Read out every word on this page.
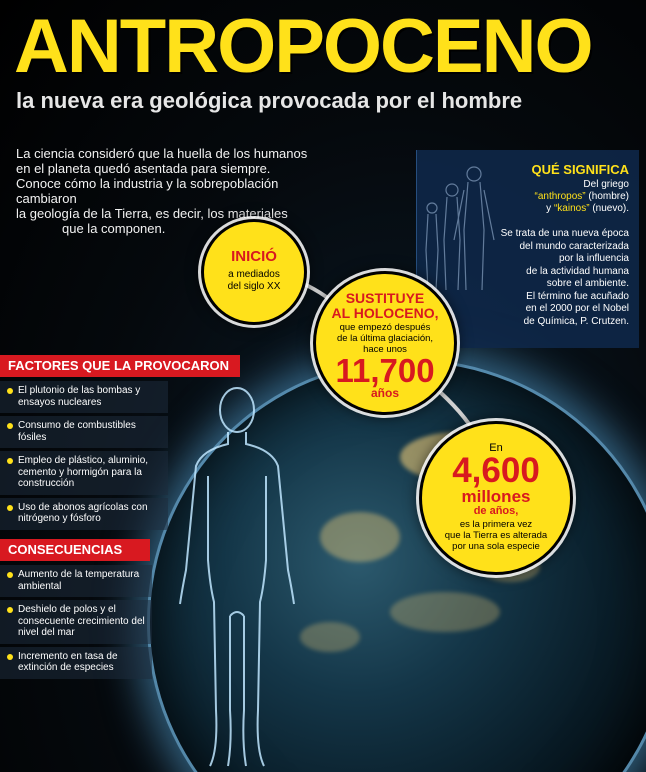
ANTROPOCENO
la nueva era geológica provocada por el hombre
La ciencia consideró que la huella de los humanos
en el planeta quedó asentada para siempre.
Conoce cómo la industria y la sobrepoblación cambiaron
la geología de la Tierra, es decir, los materiales
que la componen.
QUÉ SIGNIFICA
Del griego
“anthropos” (hombre)
y “kainos” (nuevo).
Se trata de una nueva época
del mundo caracterizada
por la influencia
de la actividad humana
sobre el ambiente.
El término fue acuñado
en el 2000 por el Nobel
de Química, P. Crutzen.
INICIÓ
a mediados
del siglo XX
SUSTITUYE
AL HOLOCENO,
que empezó después
de la última glaciación,
hace unos
11,700
años
En
4,600
millones
de años,
es la primera vez
que la Tierra es alterada
por una sola especie
FACTORES QUE LA PROVOCARON
El plutonio de las bombas y ensayos nucleares
Consumo de combustibles fósiles
Empleo de plástico, aluminio, cemento y hormigón para la construcción
Uso de abonos agrícolas con nitrógeno y fósforo
CONSECUENCIAS
Aumento de la temperatura ambiental
Deshielo de polos y el consecuente crecimiento del nivel del mar
Incremento en tasa de extinción de especies
